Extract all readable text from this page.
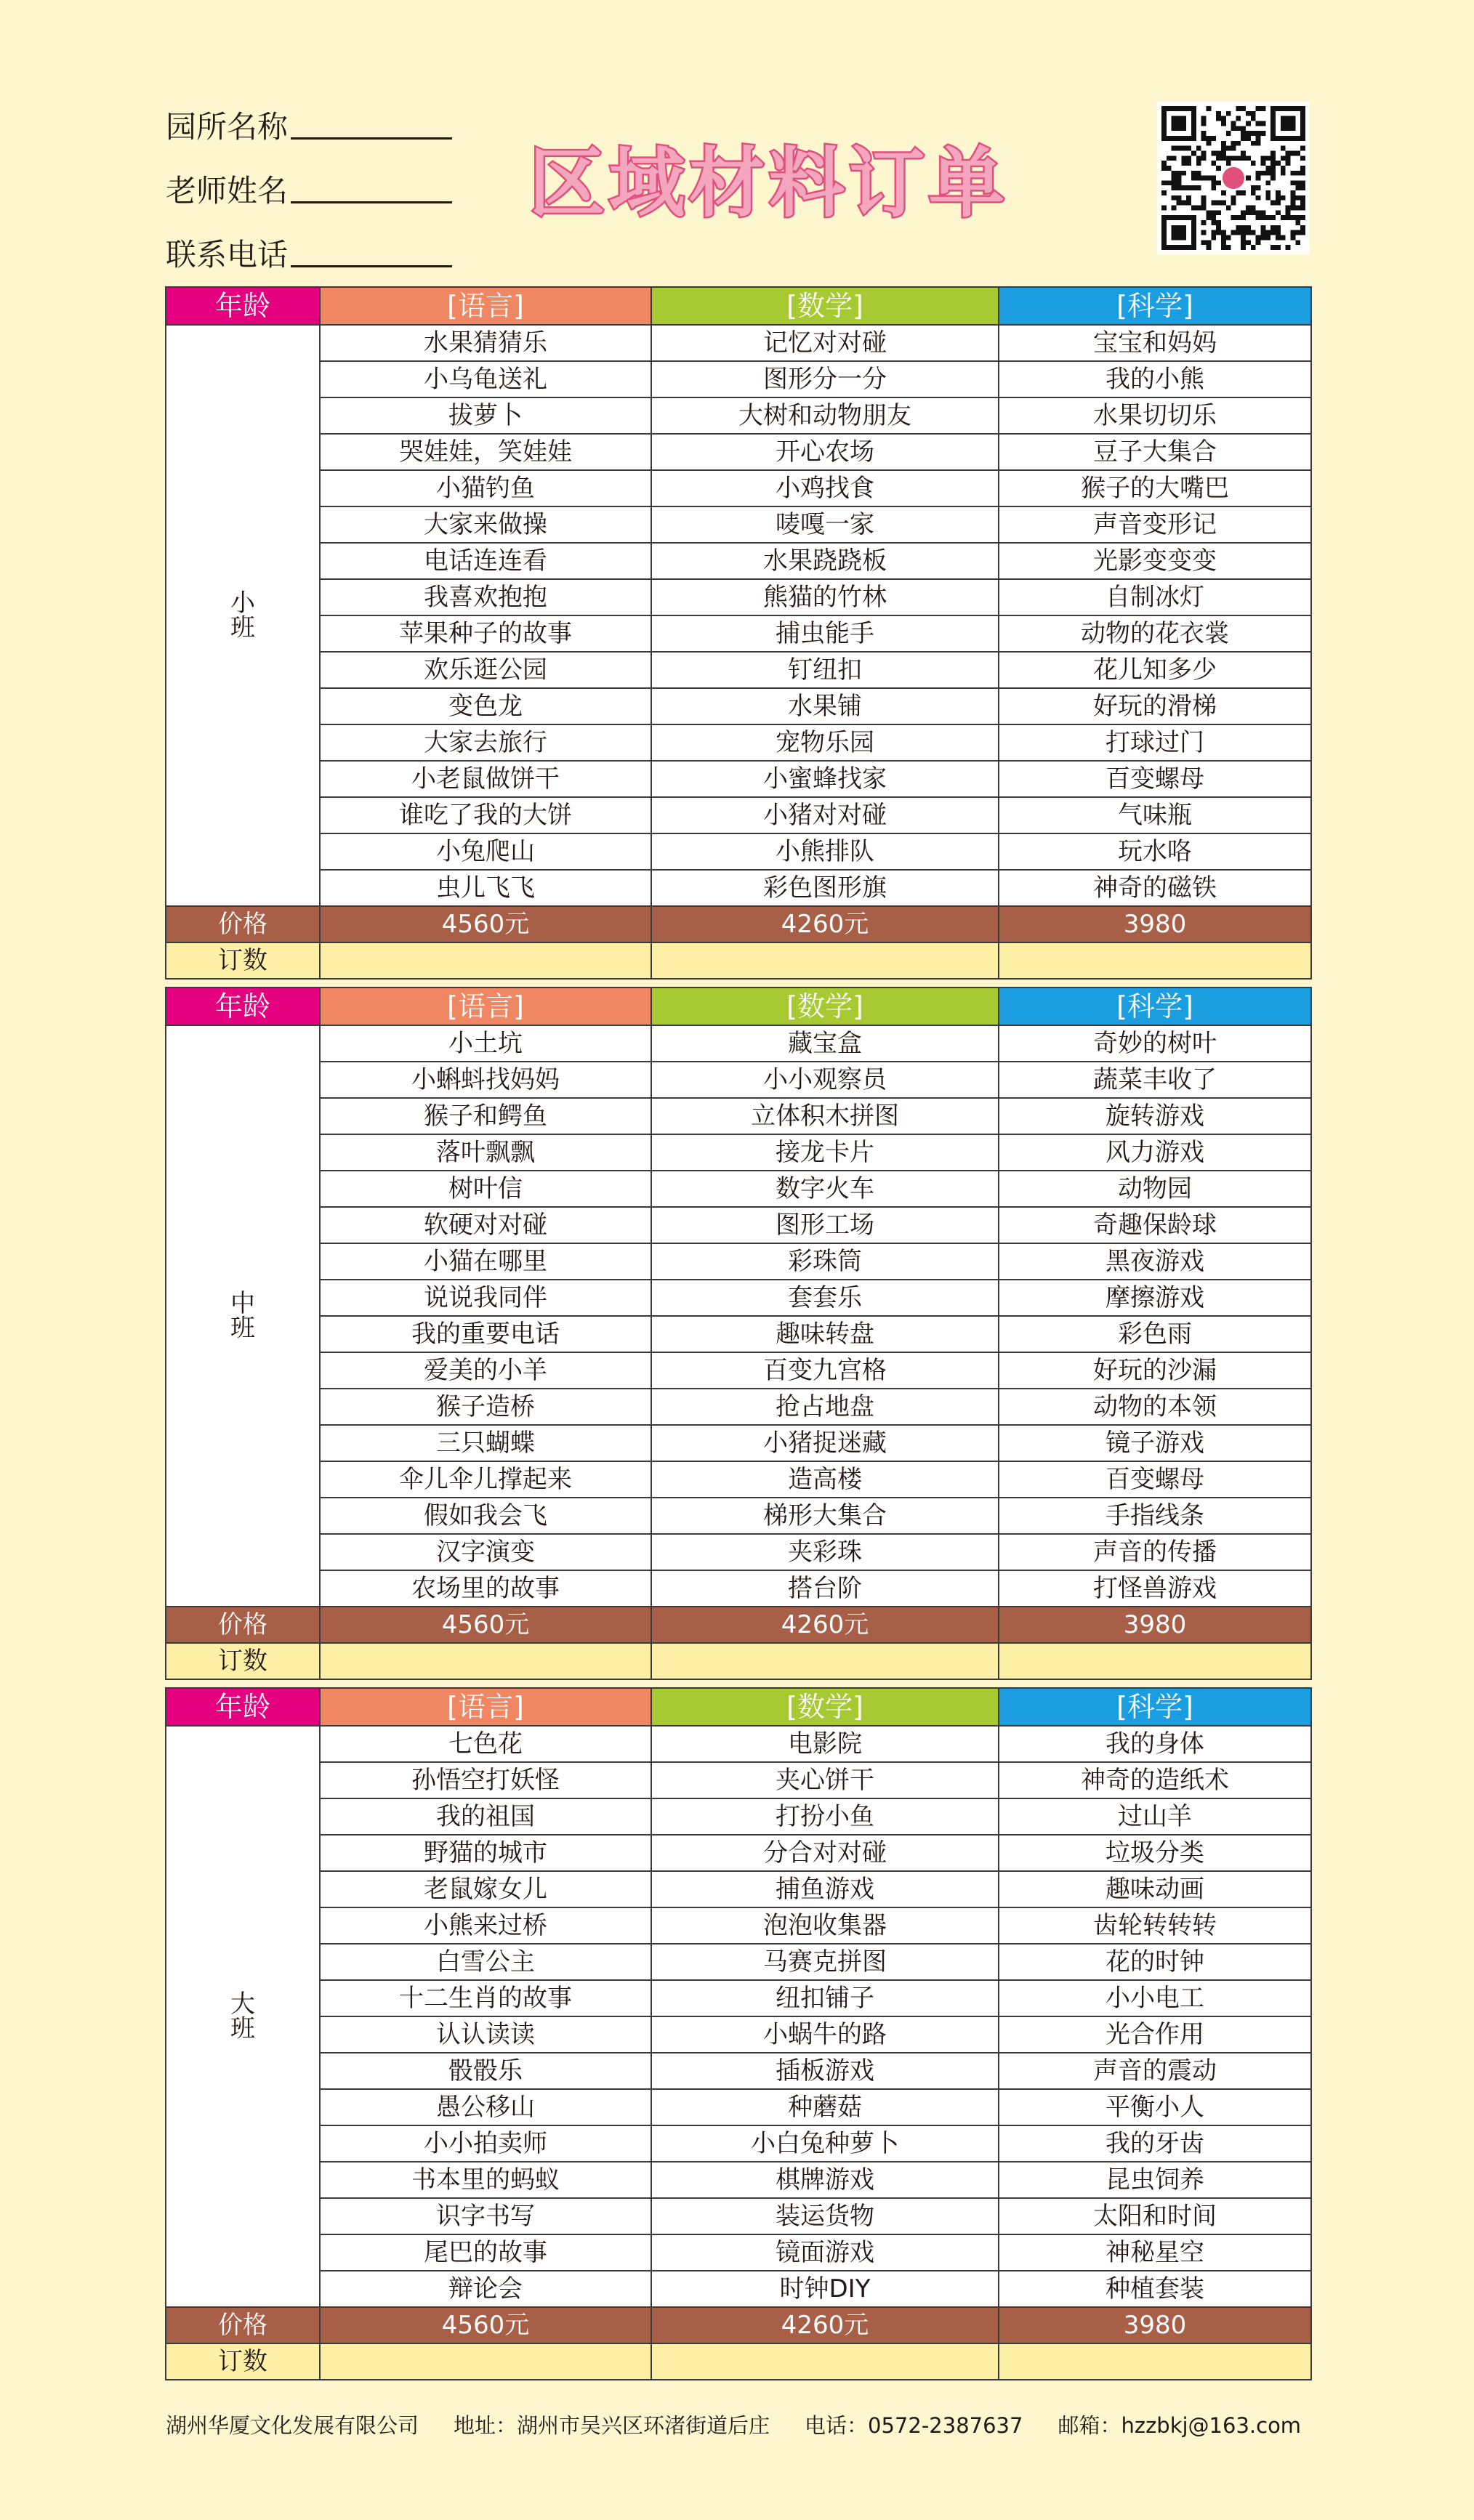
园所名称
老师姓名
联系电话
区域材料订单
年龄	[语言]	[数学]	[科学]

小
班	水果猜猜乐	记忆对对碰	宝宝和妈妈
	小乌龟送礼	图形分一分	我的小熊
	拔萝卜	大树和动物朋友	水果切切乐
	哭娃娃，笑娃娃	开心农场	豆子大集合
	小猫钓鱼	小鸡找食	猴子的大嘴巴
	大家来做操	唛嘎一家	声音变形记
	电话连连看	水果跷跷板	光影变变变
	我喜欢抱抱	熊猫的竹林	自制冰灯
	苹果种子的故事	捕虫能手	动物的花衣裳
	欢乐逛公园	钉纽扣	花儿知多少
	变色龙	水果铺	好玩的滑梯
	大家去旅行	宠物乐园	打球过门
	小老鼠做饼干	小蜜蜂找家	百变螺母
	谁吃了我的大饼	小猪对对碰	气味瓶
	小兔爬山	小熊排队	玩水咯
	虫儿飞飞	彩色图形旗	神奇的磁铁
价格	4560元	4260元	3980
订数			
年龄	[语言]	[数学]	[科学]

中
班	小土坑	藏宝盒	奇妙的树叶
	小蝌蚪找妈妈	小小观察员	蔬菜丰收了
	猴子和鳄鱼	立体积木拼图	旋转游戏
	落叶飘飘	接龙卡片	风力游戏
	树叶信	数字火车	动物园
	软硬对对碰	图形工场	奇趣保龄球
	小猫在哪里	彩珠筒	黑夜游戏
	说说我同伴	套套乐	摩擦游戏
	我的重要电话	趣味转盘	彩色雨
	爱美的小羊	百变九宫格	好玩的沙漏
	猴子造桥	抢占地盘	动物的本领
	三只蝴蝶	小猪捉迷藏	镜子游戏
	伞儿伞儿撑起来	造高楼	百变螺母
	假如我会飞	梯形大集合	手指线条
	汉字演变	夹彩珠	声音的传播
	农场里的故事	搭台阶	打怪兽游戏
价格	4560元	4260元	3980
订数			
年龄	[语言]	[数学]	[科学]

大
班	七色花	电影院	我的身体
	孙悟空打妖怪	夹心饼干	神奇的造纸术
	我的祖国	打扮小鱼	过山羊
	野猫的城市	分合对对碰	垃圾分类
	老鼠嫁女儿	捕鱼游戏	趣味动画
	小熊来过桥	泡泡收集器	齿轮转转转
	白雪公主	马赛克拼图	花的时钟
	十二生肖的故事	纽扣铺子	小小电工
	认认读读	小蜗牛的路	光合作用
	骰骰乐	插板游戏	声音的震动
	愚公移山	种蘑菇	平衡小人
	小小拍卖师	小白兔种萝卜	我的牙齿
	书本里的蚂蚁	棋牌游戏	昆虫饲养
	识字书写	装运货物	太阳和时间
	尾巴的故事	镜面游戏	神秘星空
	辩论会	时钟DIY	种植套装
价格	4560元	4260元	3980
订数			
湖州华厦文化发展有限公司 地址：湖州市吴兴区环渚街道后庄 电话：0572-2387637 邮箱：hzzbkj@163.com
